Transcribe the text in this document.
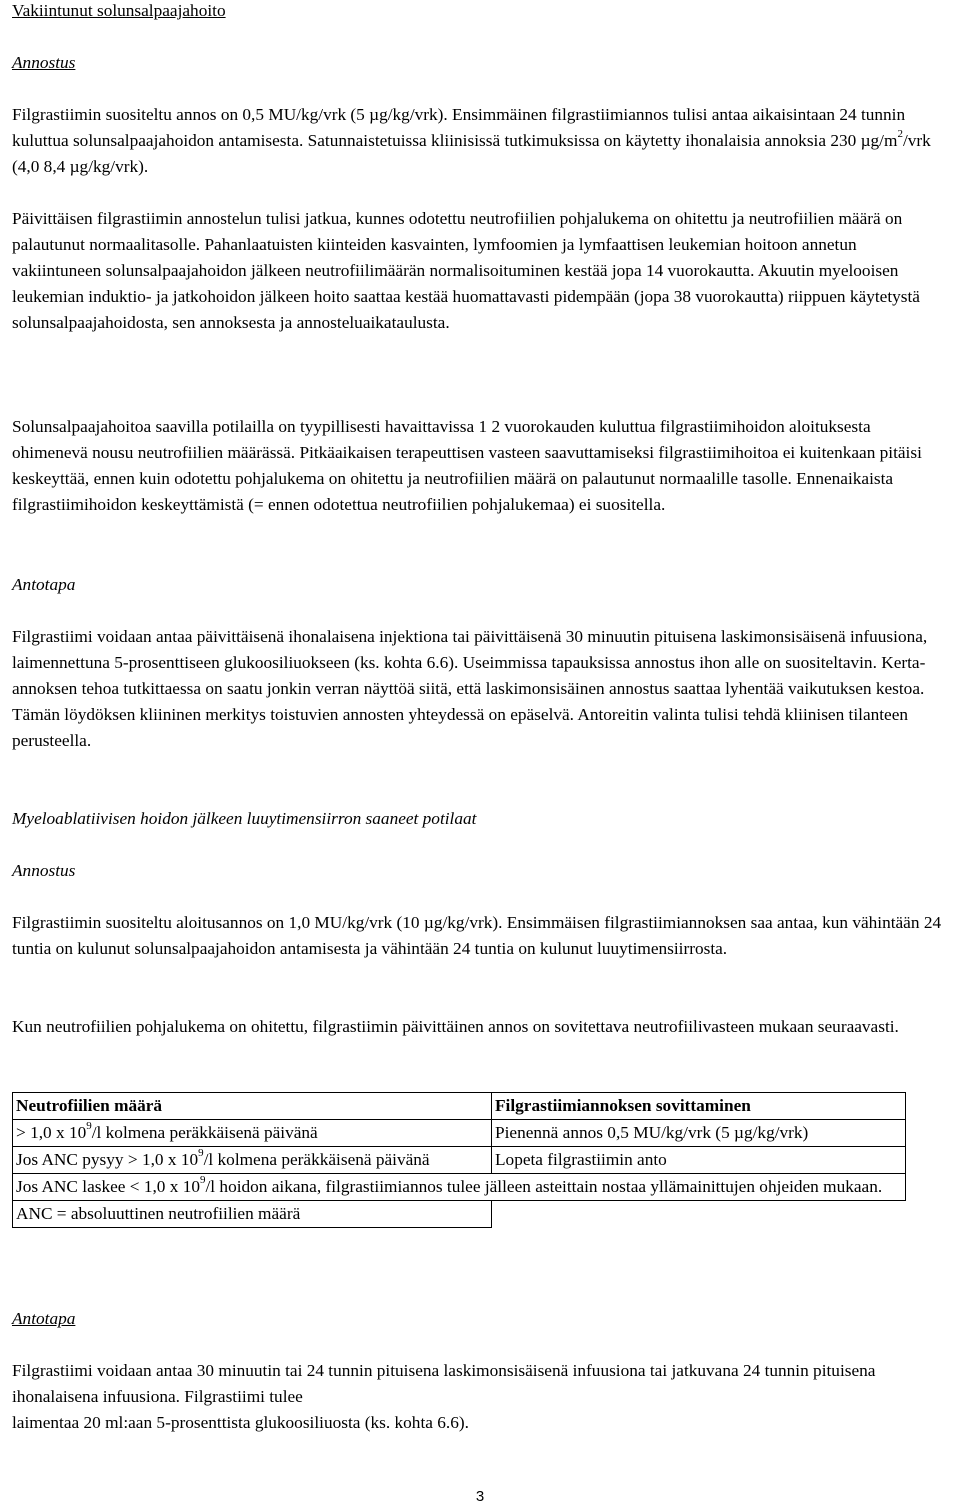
Vakiintunut solunsalpaajahoito
Annostus

Filgrastiimin suositeltu annos on 0,5 MU/kg/vrk (5 µg/kg/vrk). Ensimmäinen filgrastiimiannos tulisi antaa aikaisintaan 24 tunnin kuluttua solunsalpaajahoidon antamisesta. Satunnaistetuissa kliinisissä tutkimuksissa on käytetty ihonalaisia annoksia 230 $\mu g/m^2$/vrk (4,0 8,4 µg/kg/vrk).

Päivittäisen filgrastiimin annostelun tulisi jatkua, kunnes odotettu neutrofiilien pohjalukema on ohitettu ja neutrofiilien määrä on palautunut normaalitasolle. Pahanlaatuisten kiinteiden kasvainten, lymfoomien ja lymfaattisen leukemian hoitoon annetun vakiintuneen solunsalpaajahoidon jälkeen neutrofiilimäärän normalisoituminen kestää jopa 14 vuorokautta. Akuutin myelooisen leukemian induktio- ja jatkohoidon jälkeen hoito saattaa kestää huomattavasti pidempään (jopa 38 vuorokautta) riippuen käytetystä solunsalpaajahoidosta, sen annoksesta ja annosteluaikataulusta.

Solunsalpaajahoitoa saavilla potilailla on tyypillisesti havaittavissa 1 2 vuorokauden kuluttua filgrastiimihoidon aloituksesta ohimenevä nousu neutrofiilien määrässä. Pitkäaikaisen terapeuttisen vasteen saavuttamiseksi filgrastiimihoitoa ei kuitenkaan pitäisi keskeyttää, ennen kuin odotettu pohjalukema on ohitettu ja neutrofiilien määrä on palautunut normaalille tasolle. Ennenaikaista filgrastiimihoidon keskeyttämistä (= ennen odotettua neutrofiilien pohjalukemaa) ei suositella.

Antotapa

Filgrastiimi voidaan antaa päivittäisenä ihonalaisena injektiona tai päivittäisenä 30 minuutin pituisena laskimonsisäisenä infuusiona, laimennettuna 5-prosenttiseen glukoosiliuokseen (ks. kohta 6.6). Useimmissa tapauksissa annostus ihon alle on suositeltavin. Kerta-annoksen tehoa tutkittaessa on saatu jonkin verran näyttöä siitä, että laskimonsisäinen annostus saattaa lyhentää vaikutuksen kestoa. Tämän löydöksen kliininen merkitys toistuvien annosten yhteydessä on epäselvä. Antoreitin valinta tulisi tehdä kliinisen tilanteen perusteella.

Myeloablatiivisen hoidon jälkeen luuytimensiirron saaneet potilaat
Annostus

Filgrastiimin suositeltu aloitusannos on 1,0 MU/kg/vrk (10 µg/kg/vrk). Ensimmäisen filgrastiimiannoksen saa antaa, kun vähintään 24 tuntia on kulunut solunsalpaajahoidon antamisesta ja vähintään 24 tuntia on kulunut luuytimensiirrosta.

Kun neutrofiilien pohjalukema on ohitettu, filgrastiimin päivittäinen annos on sovitettava neutrofiilivasteen mukaan seuraavasti.

Neutrofiilien määrä	Filgrastiimiannoksen sovittaminen
> 1,0 x $10^9/l$ kolmena peräkkäisenä päivänä	Pienennä annos 0,5 MU/kg/vrk (5 µg/kg/vrk)
Jos ANC pysyy > 1,0 x $10^9/l$ kolmena peräkkäisenä päivänä	Lopeta filgrastiimin anto
Jos ANC laskee < 1,0 x $10^9/l$ hoidon aikana, filgrastiimiannos tulee jälleen asteittain nostaa yllämainittujen ohjeiden mukaan.	
ANC = absoluuttinen neutrofiilien määrä	
Antotapa

Filgrastiimi voidaan antaa 30 minuutin tai 24 tunnin pituisena laskimonsisäisenä infuusiona tai jatkuvana 24 tunnin pituisena ihonalaisena infuusiona. Filgrastiimi tulee
laimentaa 20 ml:aan 5-prosenttista glukoosiliuosta (ks. kohta 6.6).

3
